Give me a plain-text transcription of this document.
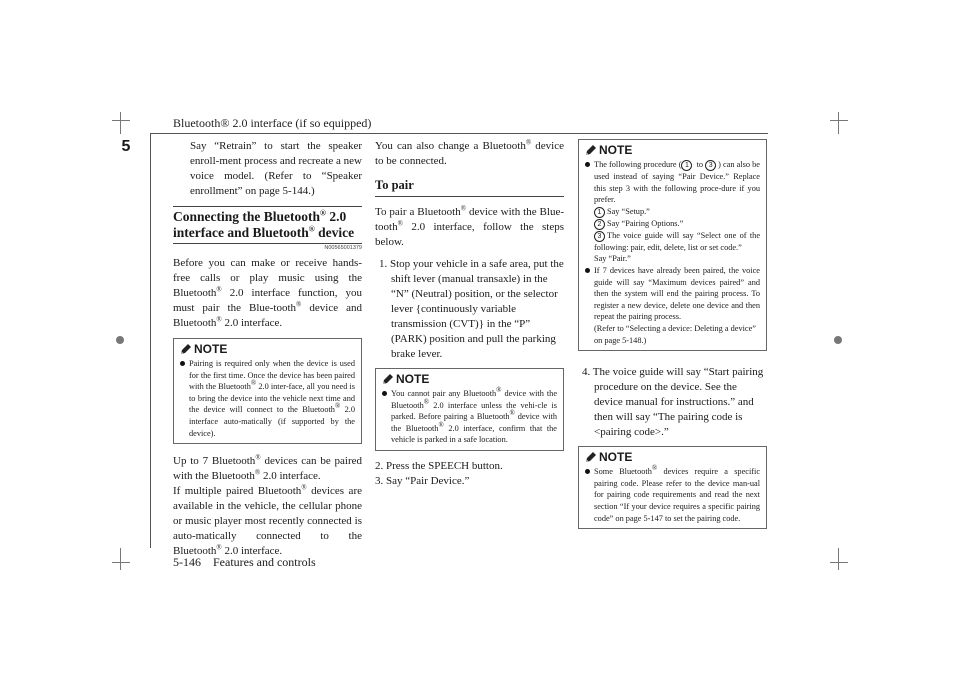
Bluetooth® 2.0 interface (if so equipped)
5
5-146 Features and controls

Say “Retrain” to start the speaker enroll-ment process and recreate a new voice model. (Refer to “Speaker enrollment” on page 5-144.)

Connecting the Bluetooth® 2.0 interface and Bluetooth® device
N00565001379

Before you can make or receive hands-free calls or play music using the Bluetooth® 2.0 interface function, you must pair the Blue-tooth® device and Bluetooth® 2.0 interface.

NOTE
Pairing is required only when the device is used for the first time. Once the device has been paired with the Bluetooth® 2.0 inter-face, all you need is to bring the device into the vehicle next time and the device will connect to the Bluetooth® 2.0 interface auto-matically (if supported by the device).

Up to 7 Bluetooth® devices can be paired with the Bluetooth® 2.0 interface.

If multiple paired Bluetooth® devices are available in the vehicle, the cellular phone or music player most recently connected is auto-matically connected to the Bluetooth® 2.0 interface.

You can also change a Bluetooth® device to be connected.

To pair

To pair a Bluetooth® device with the Blue-tooth® 2.0 interface, follow the steps below.

1. Stop your vehicle in a safe area, put the shift lever (manual transaxle) in the “N” (Neutral) position, or the selector lever {continuously variable transmission (CVT)} in the “P” (PARK) position and pull the parking brake lever.
NOTE
You cannot pair any Bluetooth® device with the Bluetooth® 2.0 interface unless the vehi-cle is parked. Before pairing a Bluetooth® device with the Bluetooth® 2.0 interface, confirm that the vehicle is parked in a safe location.
2. Press the SPEECH button.
3. Say “Pair Device.”
NOTE
The following procedure ( 1 to 3 ) can also be used instead of saying “Pair Device.” Replace this step 3 with the following proce-dure if you prefer.
1 Say “Setup.”
2 Say “Pairing Options.”
3 The voice guide will say “Select one of the following: pair, edit, delete, list or set code.”
Say “Pair.”
If 7 devices have already been paired, the voice guide will say “Maximum devices paired” and then the system will end the pairing process. To register a new device, delete one device and then repeat the pairing process.
(Refer to “Selecting a device: Deleting a device” on page 5-148.)
4. The voice guide will say “Start pairing procedure on the device. See the device manual for instructions.” and then will say “The pairing code is <pairing code>.”
NOTE
Some Bluetooth® devices require a specific pairing code. Please refer to the device man-ual for pairing code requirements and read the next section “If your device requires a specific pairing code” on page 5-147 to set the pairing code.
